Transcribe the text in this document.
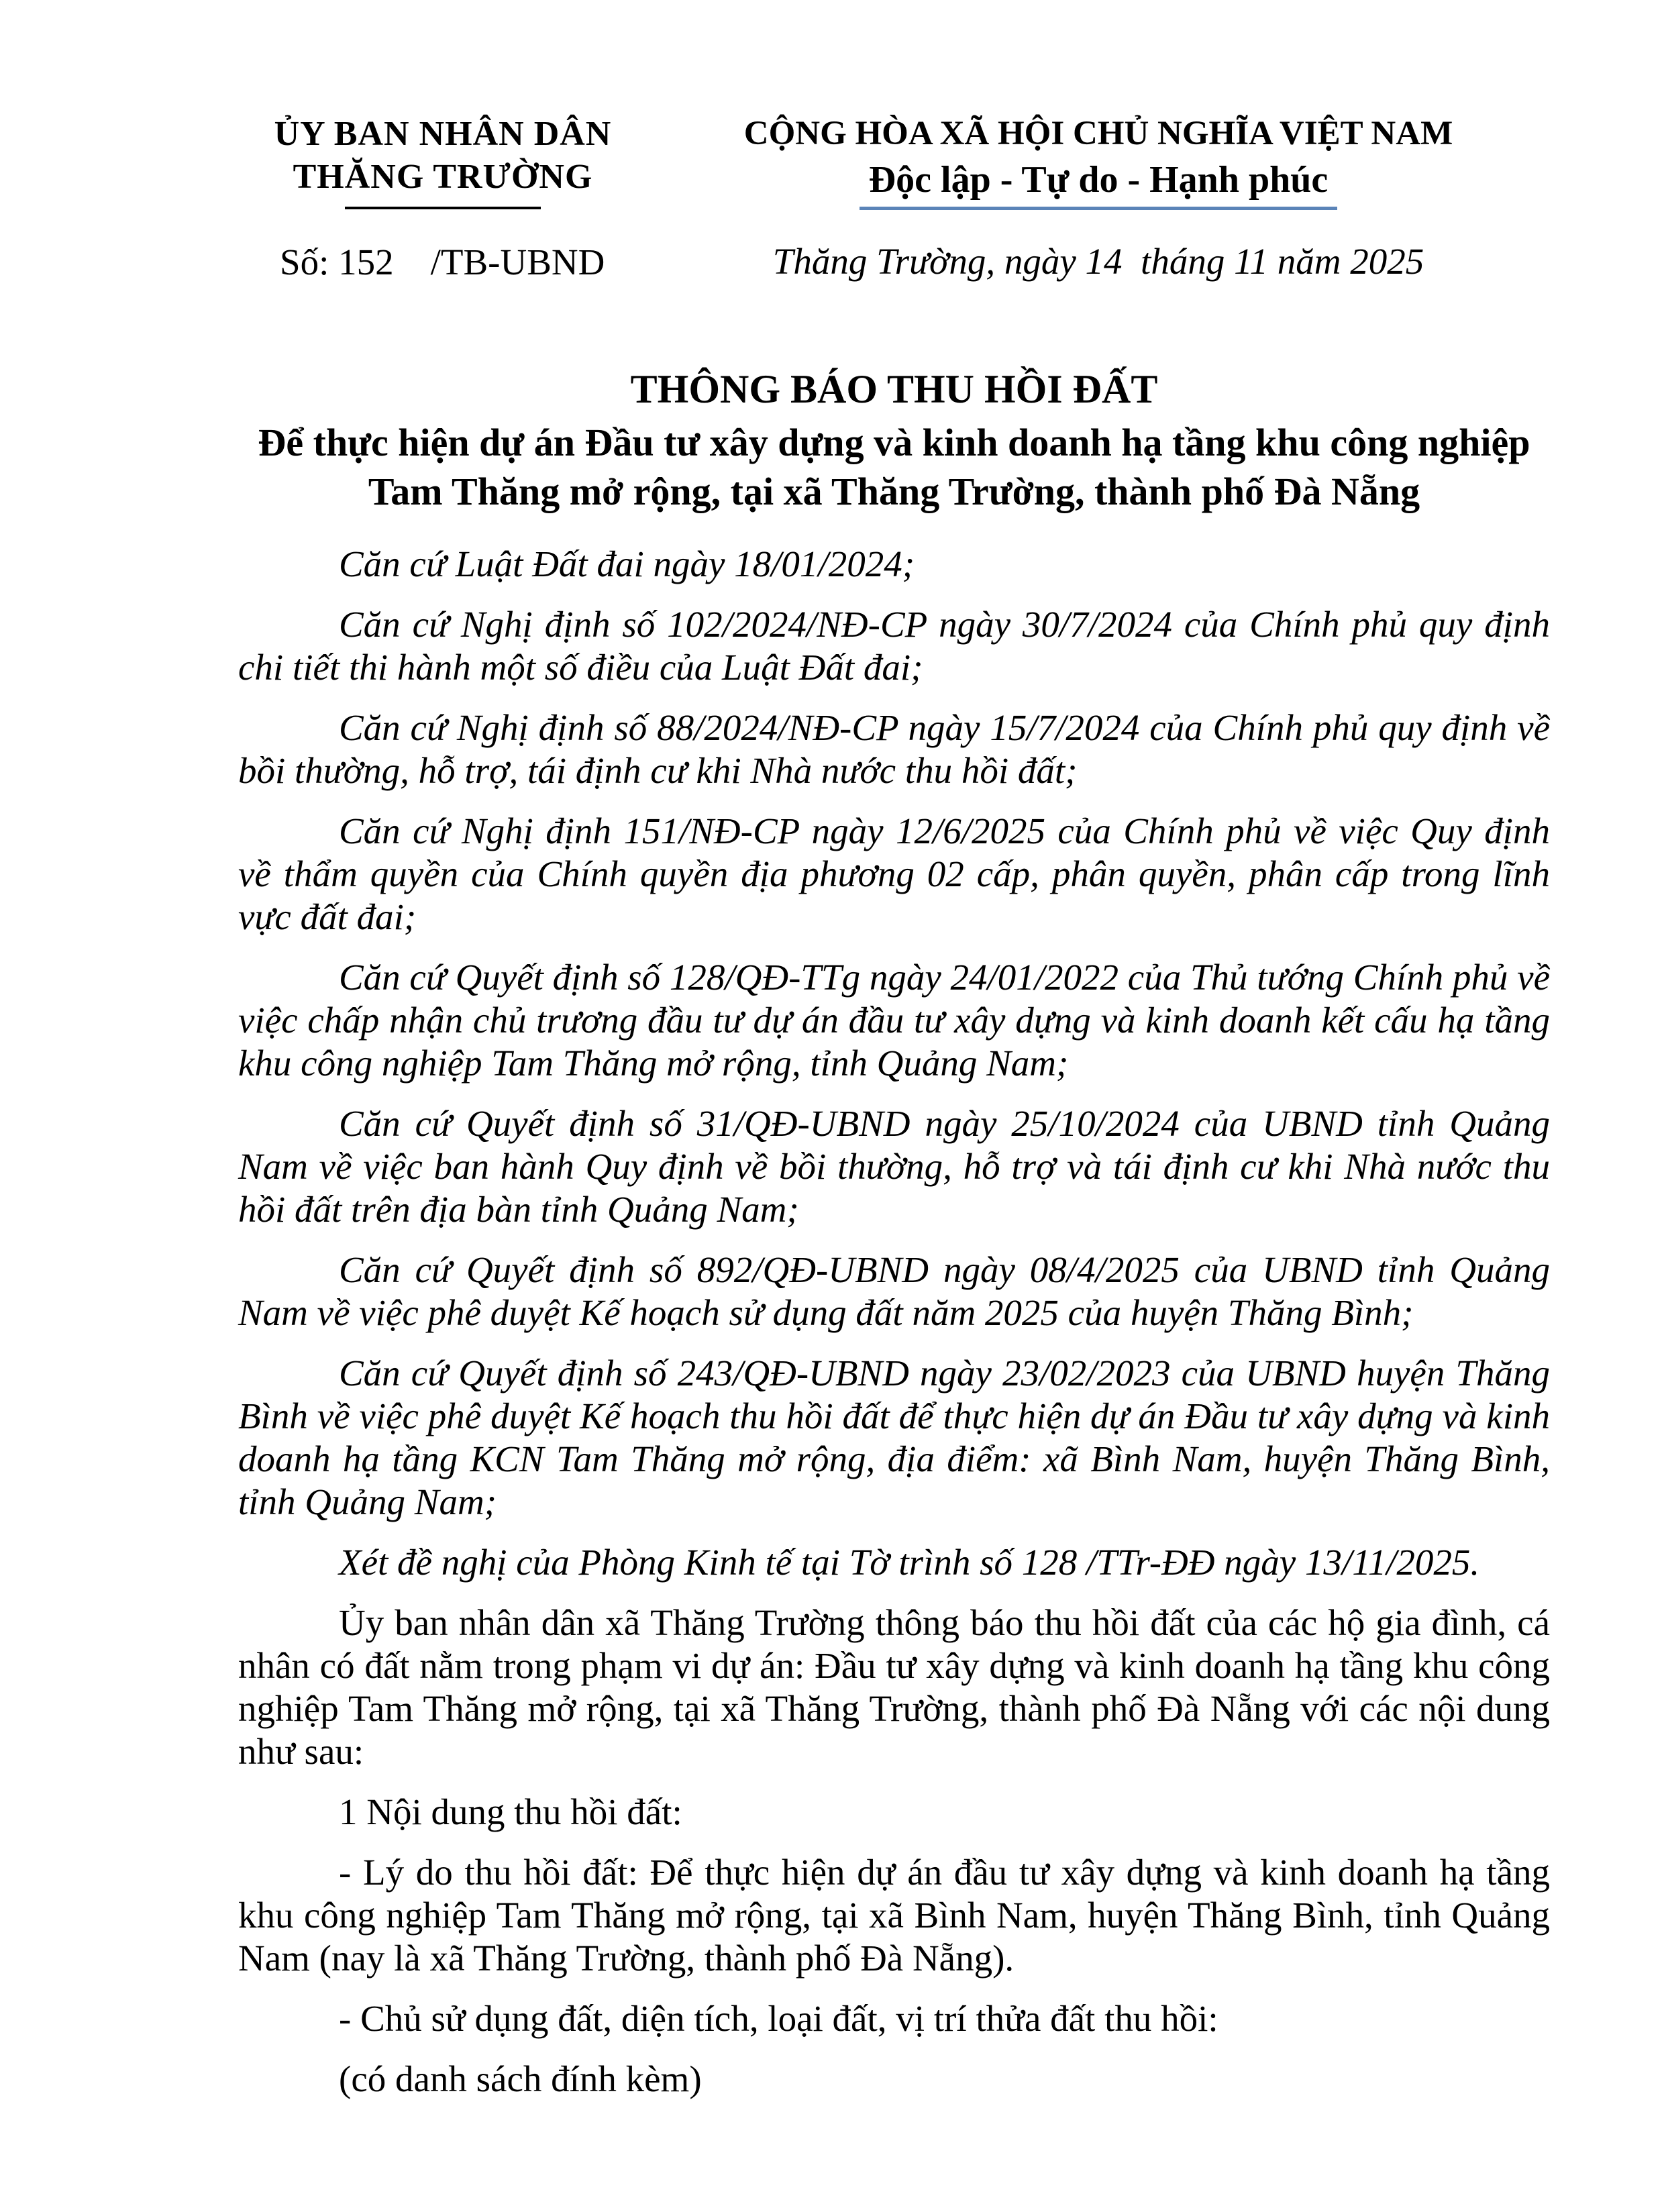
ỦY BAN NHÂN DÂN
THĂNG TRƯỜNG
Số: 152    /TB-UBND
CỘNG HÒA XÃ HỘI CHỦ NGHĨA VIỆT NAM
Độc lập - Tự do - Hạnh phúc
Thăng Trường, ngày 14  tháng 11 năm 2025
THÔNG BÁO THU HỒI ĐẤT
Để thực hiện dự án Đầu tư xây dựng và kinh doanh hạ tầng khu công nghiệp
Tam Thăng mở rộng, tại xã Thăng Trường, thành phố Đà Nẵng

Căn cứ Luật Đất đai ngày 18/01/2024;

Căn cứ Nghị định số 102/2024/NĐ-CP ngày 30/7/2024 của Chính phủ quy định chi tiết thi hành một số điều của Luật Đất đai;

Căn cứ Nghị định số 88/2024/NĐ-CP ngày 15/7/2024 của Chính phủ quy định về bồi thường, hỗ trợ, tái định cư khi Nhà nước thu hồi đất;

Căn cứ Nghị định 151/NĐ-CP ngày 12/6/2025 của Chính phủ về việc Quy định về thẩm quyền của Chính quyền địa phương 02 cấp, phân quyền, phân cấp trong lĩnh vực đất đai;

Căn cứ Quyết định số 128/QĐ-TTg ngày 24/01/2022 của Thủ tướng Chính phủ về việc chấp nhận chủ trương đầu tư dự án đầu tư xây dựng và kinh doanh kết cấu hạ tầng khu công nghiệp Tam Thăng mở rộng, tỉnh Quảng Nam;

Căn cứ Quyết định số 31/QĐ-UBND ngày 25/10/2024 của UBND tỉnh Quảng Nam về việc ban hành Quy định về bồi thường, hỗ trợ và tái định cư khi Nhà nước thu hồi đất trên địa bàn tỉnh Quảng Nam;

Căn cứ Quyết định số 892/QĐ-UBND ngày 08/4/2025 của UBND tỉnh Quảng Nam về việc phê duyệt Kế hoạch sử dụng đất năm 2025 của huyện Thăng Bình;

Căn cứ Quyết định số 243/QĐ-UBND ngày 23/02/2023 của UBND huyện Thăng Bình về việc phê duyệt Kế hoạch thu hồi đất để thực hiện dự án Đầu tư xây dựng và kinh doanh hạ tầng KCN Tam Thăng mở rộng, địa điểm: xã Bình Nam, huyện Thăng Bình, tỉnh Quảng Nam;

Xét đề nghị của Phòng Kinh tế tại Tờ trình số 128 /TTr-ĐĐ ngày 13/11/2025.

Ủy ban nhân dân xã Thăng Trường thông báo thu hồi đất của các hộ gia đình, cá nhân có đất nằm trong phạm vi dự án: Đầu tư xây dựng và kinh doanh hạ tầng khu công nghiệp Tam Thăng mở rộng, tại xã Thăng Trường, thành phố Đà Nẵng với các nội dung như sau:

1 Nội dung thu hồi đất:

- Lý do thu hồi đất: Để thực hiện dự án đầu tư xây dựng và kinh doanh hạ tầng khu công nghiệp Tam Thăng mở rộng, tại xã Bình Nam, huyện Thăng Bình, tỉnh Quảng Nam (nay là xã Thăng Trường, thành phố Đà Nẵng).

- Chủ sử dụng đất, diện tích, loại đất, vị trí thửa đất thu hồi:

(có danh sách đính kèm)
